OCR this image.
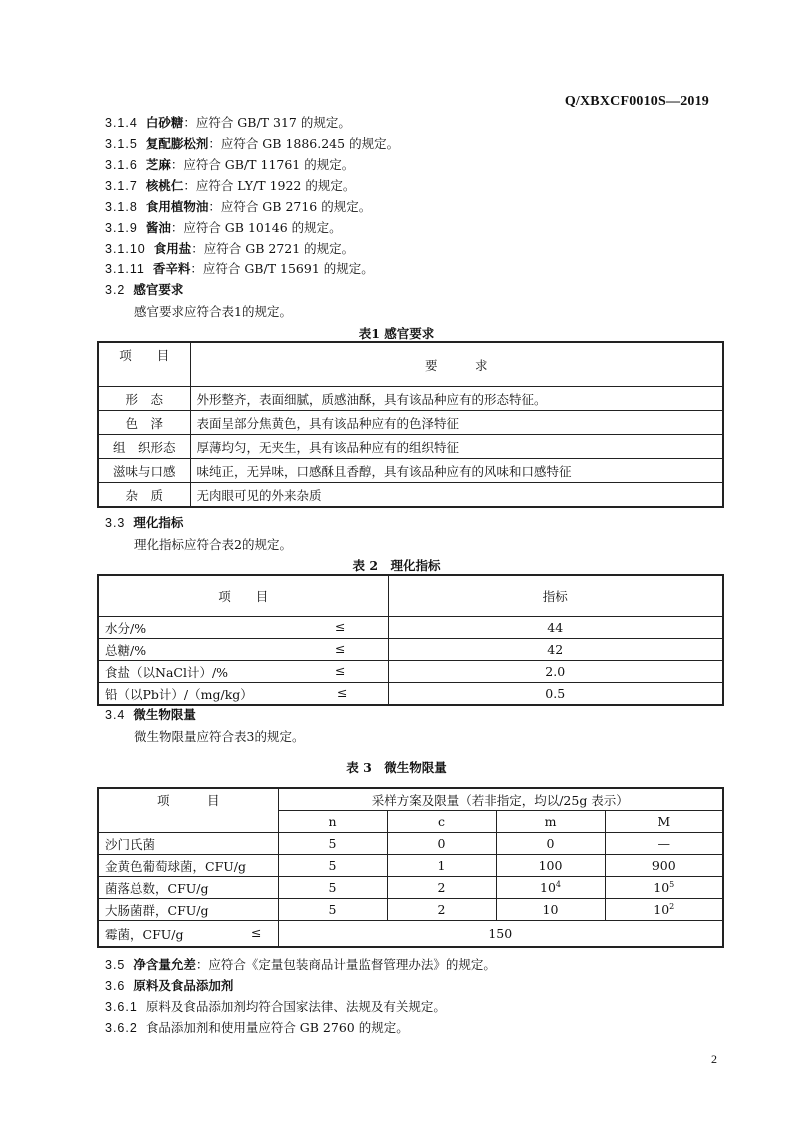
Q/XBXCF0010S—2019
3.1.4 白砂糖：应符合 GB/T 317 的规定。
3.1.5 复配膨松剂：应符合 GB 1886.245 的规定。
3.1.6 芝麻：应符合 GB/T 11761 的规定。
3.1.7 核桃仁：应符合 LY/T 1922 的规定。
3.1.8 食用植物油：应符合 GB 2716 的规定。
3.1.9 酱油：应符合 GB 10146 的规定。
3.1.10 食用盐：应符合 GB 2721 的规定。
3.1.11 香辛料：应符合 GB/T 15691 的规定。
3.2 感官要求
感官要求应符合表1的规定。
表1 感官要求
项　　目	要　　　求
形　态	外形整齐，表面细腻，质感油酥，具有该品种应有的形态特征。
色　泽	表面呈部分焦黄色，具有该品种应有的色泽特征
组　织形态	厚薄均匀，无夹生，具有该品种应有的组织特征
滋味与口感	味纯正，无异味，口感酥且香醇，具有该品种应有的风味和口感特征
杂　质	无肉眼可见的外来杂质
3.3 理化指标
理化指标应符合表2的规定。
表 2　理化指标
项　　目	指标
水分/% ≤	44
总糖/% ≤	42
食盐（以NaCl计）/% ≤	2.0
铅（以Pb计）/（mg/kg） ≤	0.5
3.4 微生物限量
微生物限量应符合表3的规定。
表 3　微生物限量
项　　　目	采样方案及限量（若非指定，均以/25g 表示）			
	n	c	m	M
沙门氏菌	5	0	0	—
金黄色葡萄球菌，CFU/g	5	1	100	900
菌落总数，CFU/g	5	2	$10^4$	$10^5$
大肠菌群，CFU/g	5	2	10	$10^2$
霉菌，CFU/g ≤	150			
3.5 净含量允差：应符合《定量包装商品计量监督管理办法》的规定。
3.6 原料及食品添加剂
3.6.1 原料及食品添加剂均符合国家法律、法规及有关规定。
3.6.2 食品添加剂和使用量应符合 GB 2760 的规定。
2
